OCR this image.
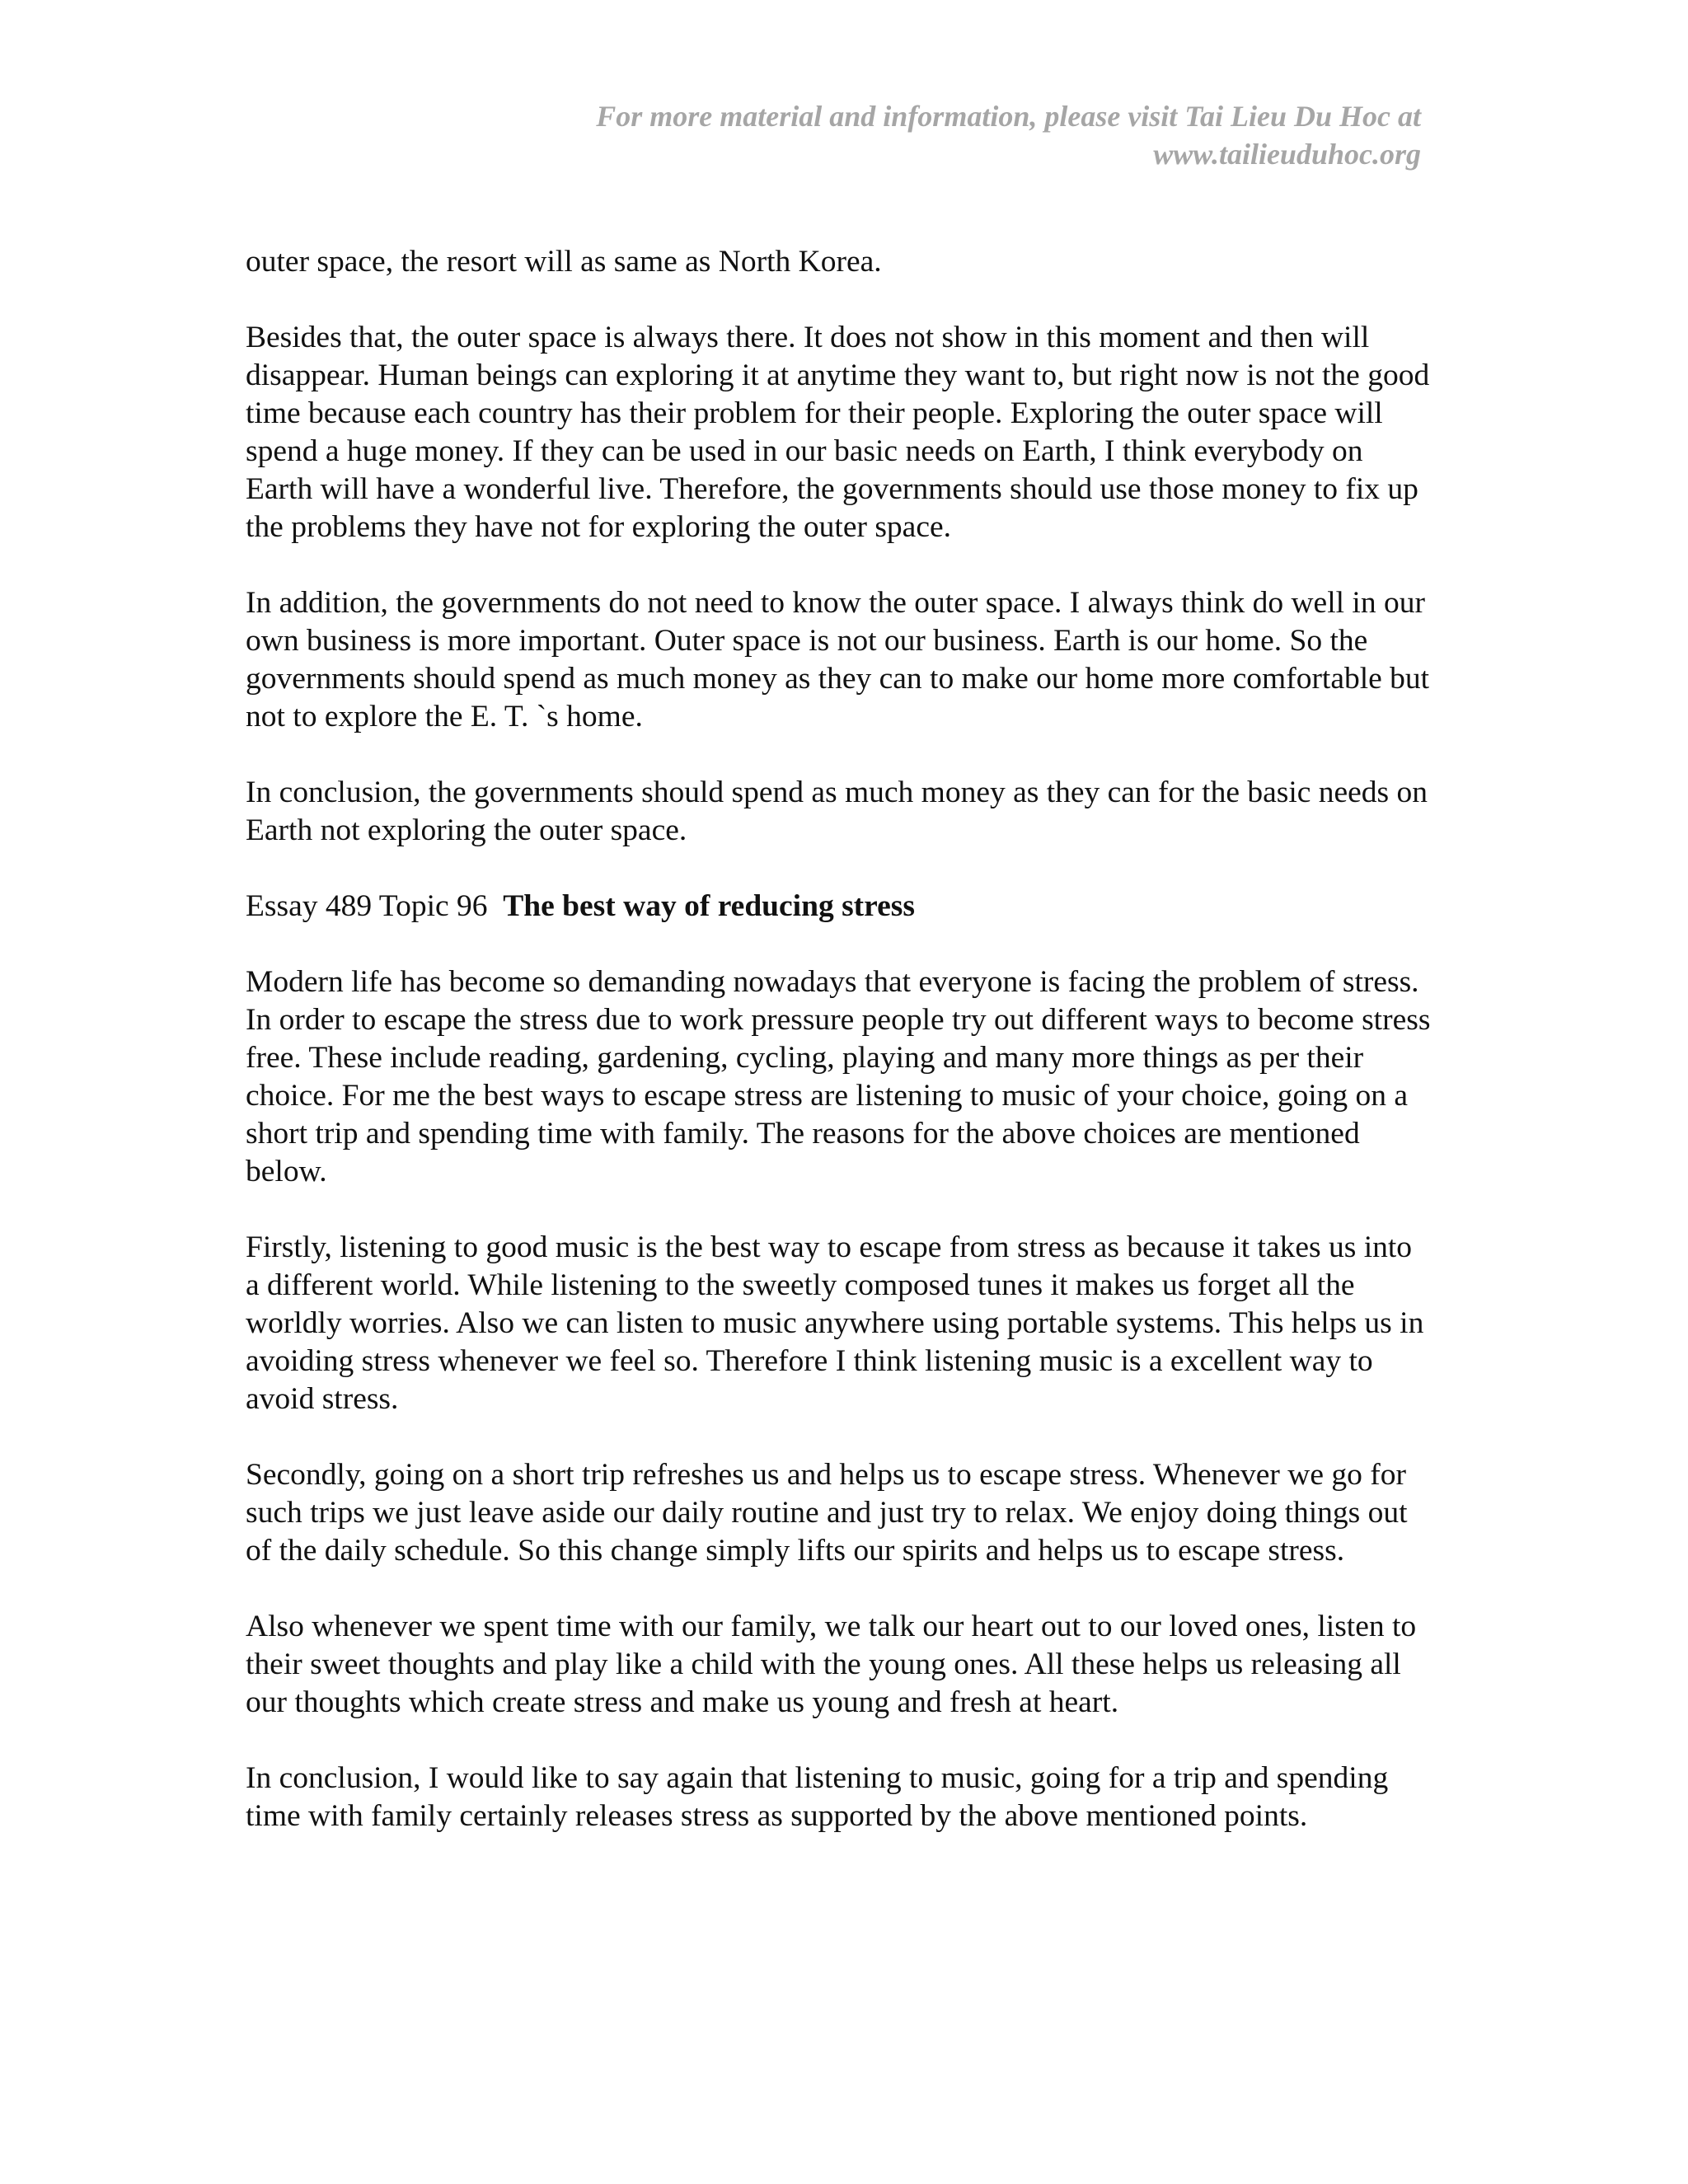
For more material and information, please visit Tai Lieu Du Hoc at
www.tailieuduhoc.org

outer space, the resort will as same as North Korea.

Besides that, the outer space is always there. It does not show in this moment and then will disappear. Human beings can exploring it at anytime they want to, but right now is not the good time because each country has their problem for their people. Exploring the outer space will spend a huge money. If they can be used in our basic needs on Earth, I think everybody on Earth will have a wonderful live. Therefore, the governments should use those money to fix up the problems they have not for exploring the outer space.

In addition, the governments do not need to know the outer space. I always think do well in our own business is more important. Outer space is not our business. Earth is our home. So the governments should spend as much money as they can to make our home more comfortable but not to explore the E. T. `s home.

In conclusion, the governments should spend as much money as they can for the basic needs on Earth not exploring the outer space.

Essay 489 Topic 96 The best way of reducing stress

Modern life has become so demanding nowadays that everyone is facing the problem of stress. In order to escape the stress due to work pressure people try out different ways to become stress free. These include reading, gardening, cycling, playing and many more things as per their choice. For me the best ways to escape stress are listening to music of your choice, going on a short trip and spending time with family. The reasons for the above choices are mentioned below.

Firstly, listening to good music is the best way to escape from stress as because it takes us into a different world. While listening to the sweetly composed tunes it makes us forget all the worldly worries. Also we can listen to music anywhere using portable systems. This helps us in avoiding stress whenever we feel so. Therefore I think listening music is a excellent way to avoid stress.

Secondly, going on a short trip refreshes us and helps us to escape stress. Whenever we go for such trips we just leave aside our daily routine and just try to relax. We enjoy doing things out of the daily schedule. So this change simply lifts our spirits and helps us to escape stress.

Also whenever we spent time with our family, we talk our heart out to our loved ones, listen to their sweet thoughts and play like a child with the young ones. All these helps us releasing all our thoughts which create stress and make us young and fresh at heart.

In conclusion, I would like to say again that listening to music, going for a trip and spending time with family certainly releases stress as supported by the above mentioned points.
